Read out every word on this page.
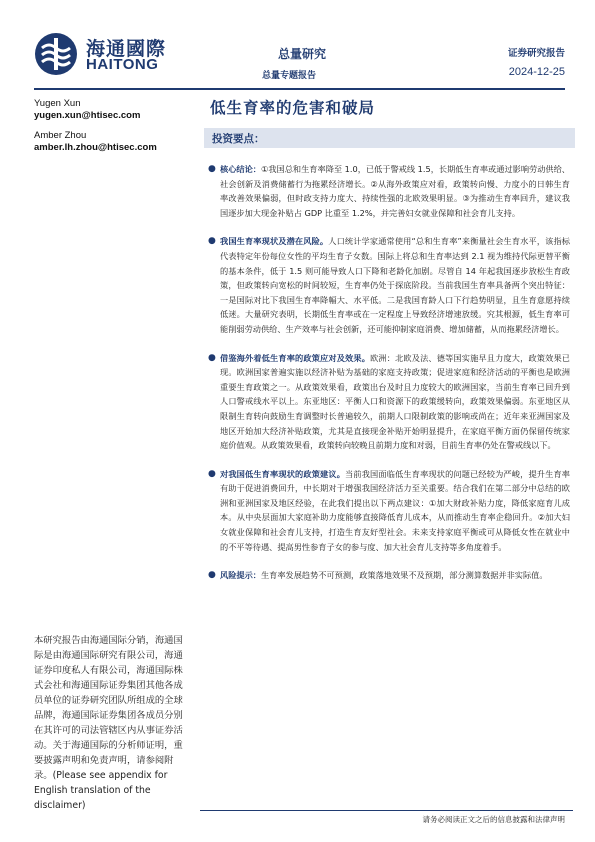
海通國際
HAITONG
总量研究
总量专题报告
证券研究报告
2024-12-25
Yugen Xun
yugen.xun@htisec.com
Amber Zhou
amber.lh.zhou@htisec.com
低生育率的危害和破局
投资要点：
● 核心结论：①我国总和生育率降至 1.0，已低于警戒线 1.5，长期低生育率或通过影响劳动供给、社会创新及消费储蓄行为拖累经济增长。②从海外政策应对看，政策转向慢、力度小的日韩生育率改善效果偏弱，但时政支持力度大、持续性强的北欧效果明显。③为推动生育率回升，建议我国逐步加大现金补贴占 GDP 比重至 1.2%，并完善妇女就业保障和社会育儿支持。
● 我国生育率现状及潜在风险。人口统计学家通常使用“总和生育率”来衡量社会生育水平，该指标代表特定年份每位女性的平均生育子女数。国际上将总和生育率达到 2.1 视为维持代际更替平衡的基本条件，低于 1.5 则可能导致人口下降和老龄化加剧。尽管自 14 年起我国逐步放松生育政策，但政策转向宽松的时间较短，生育率仍处于探底阶段。当前我国生育率具备两个突出特征：一是国际对比下我国生育率降幅大、水平低。二是我国育龄人口下行趋势明显，且生育意愿持续低迷。大量研究表明，长期低生育率或在一定程度上导致经济增速放缓。究其根源，低生育率可能削弱劳动供给、生产效率与社会创新，还可能抑制家庭消费、增加储蓄，从而拖累经济增长。
● 借鉴海外着低生育率的政策应对及效果。欧洲：北欧及法、德等国实施早且力度大，政策效果已现。欧洲国家普遍实施以经济补贴为基础的家庭支持政策；促进家庭和经济活动的平衡也是欧洲重要生育政策之一。从政策效果看，政策出台及时且力度较大的欧洲国家，当前生育率已回升到人口警戒线水平以上。东亚地区：平衡人口和资源下的政策缓转向，政策效果偏弱。东亚地区从限制生育转向鼓励生育调整时长普遍较久，前期人口限制政策的影响或尚在；近年来亚洲国家及地区开始加大经济补贴政策，尤其是直接现金补贴开始明显提升，在家庭平衡方面仍保留传统家庭价值观。从政策效果看，政策转向较晚且前期力度和对弱，目前生育率仍处在警戒线以下。
● 对我国低生育率现状的政策建议。当前我国面临低生育率现状的问题已经较为严峻，提升生育率有助于促进消费回升，中长期对于增强我国经济活力至关重要。结合我们在第二部分中总结的欧洲和亚洲国家及地区经验，在此我们提出以下两点建议：①加大财政补贴力度，降低家庭育儿成本。从中央层面加大家庭补助力度能够直接降低育儿成本，从而推动生育率企稳回升。②加大妇女就业保障和社会育儿支持，打造生育友好型社会。未来支持家庭平衡或可从降低女性在就业中的不平等待遇、提高男性参育子女的参与度、加大社会育儿支持等多角度着手。
● 风险提示：生育率发展趋势不可预测，政策落地效果不及预期，部分测算数据并非实际值。
本研究报告由海通国际分销，海通国际是由海通国际研究有限公司，海通证券印度私人有限公司，海通国际株式会社和海通国际证券集团其他各成员单位的证券研究团队所组成的全球品牌，海通国际证券集团各成员分别在其许可的司法管辖区内从事证券活动。关于海通国际的分析师证明，重要披露声明和免责声明，请参阅附录。(Please see appendix for English translation of the disclaimer)
请务必阅读正文之后的信息披露和法律声明
